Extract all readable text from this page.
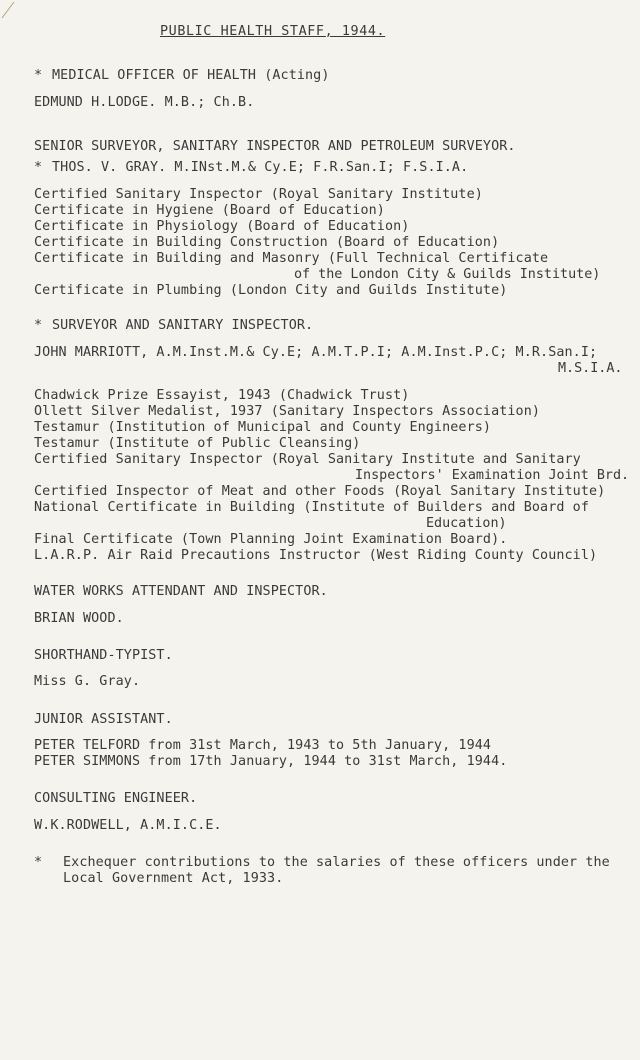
PUBLIC HEALTH STAFF, 1944.
* MEDICAL OFFICER OF HEALTH (Acting)
EDMUND H.LODGE. M.B.; Ch.B.
SENIOR SURVEYOR, SANITARY INSPECTOR AND PETROLEUM SURVEYOR.
* THOS. V. GRAY. M.INst.M.& Cy.E; F.R.San.I; F.S.I.A.
Certified Sanitary Inspector (Royal Sanitary Institute)
Certificate in Hygiene (Board of Education)
Certificate in Physiology (Board of Education)
Certificate in Building Construction (Board of Education)
Certificate in Building and Masonry (Full Technical Certificate
of the London City & Guilds Institute)
Certificate in Plumbing (London City and Guilds Institute)
* SURVEYOR AND SANITARY INSPECTOR.
JOHN MARRIOTT, A.M.Inst.M.& Cy.E; A.M.T.P.I; A.M.Inst.P.C; M.R.San.I;
M.S.I.A.
Chadwick Prize Essayist, 1943 (Chadwick Trust)
Ollett Silver Medalist, 1937 (Sanitary Inspectors Association)
Testamur (Institution of Municipal and County Engineers)
Testamur (Institute of Public Cleansing)
Certified Sanitary Inspector (Royal Sanitary Institute and Sanitary
Inspectors' Examination Joint Brd.
Certified Inspector of Meat and other Foods (Royal Sanitary Institute)
National Certificate in Building (Institute of Builders and Board of
Education)
Final Certificate (Town Planning Joint Examination Board).
L.A.R.P. Air Raid Precautions Instructor (West Riding County Council)
WATER WORKS ATTENDANT AND INSPECTOR.
BRIAN WOOD.
SHORTHAND-TYPIST.
Miss G. Gray.
JUNIOR ASSISTANT.
PETER TELFORD from 31st March, 1943 to 5th January, 1944
PETER SIMMONS from 17th January, 1944 to 31st March, 1944.
CONSULTING ENGINEER.
W.K.RODWELL, A.M.I.C.E.
* Exchequer contributions to the salaries of these officers under the
Local Government Act, 1933.
